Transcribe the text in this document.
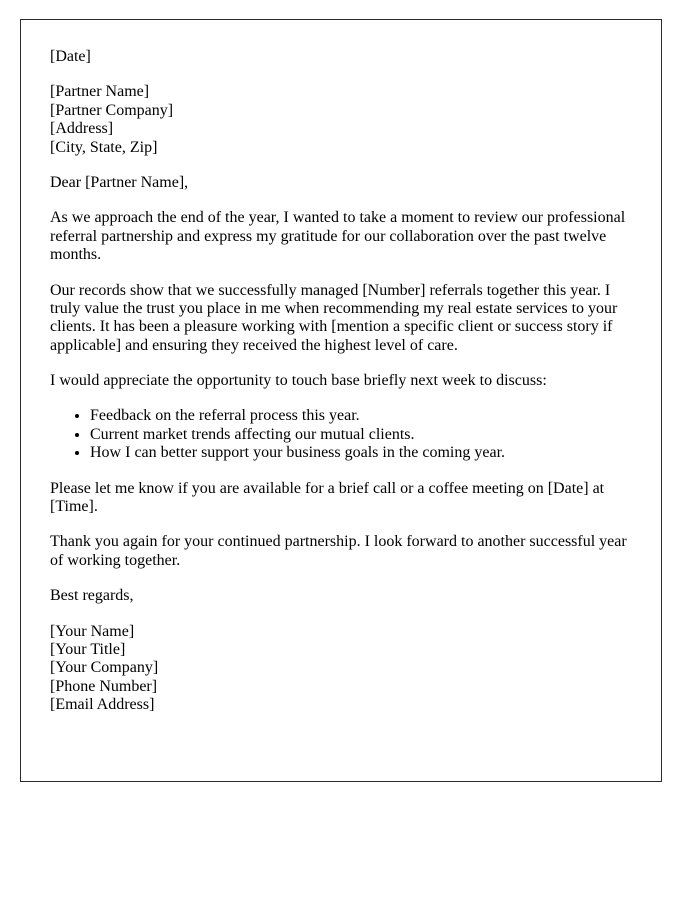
[Date]
[Partner Name]
[Partner Company]
[Address]
[City, State, Zip]
Dear [Partner Name],
As we approach the end of the year, I wanted to take a moment to review our professional referral partnership and express my gratitude for our collaboration over the past twelve months.
Our records show that we successfully managed [Number] referrals together this year. I truly value the trust you place in me when recommending my real estate services to your clients. It has been a pleasure working with [mention a specific client or success story if applicable] and ensuring they received the highest level of care.
I would appreciate the opportunity to touch base briefly next week to discuss:
• Feedback on the referral process this year.
• Current market trends affecting our mutual clients.
• How I can better support your business goals in the coming year.
Please let me know if you are available for a brief call or a coffee meeting on [Date] at [Time].
Thank you again for your continued partnership. I look forward to another successful year of working together.
Best regards,
[Your Name]
[Your Title]
[Your Company]
[Phone Number]
[Email Address]
